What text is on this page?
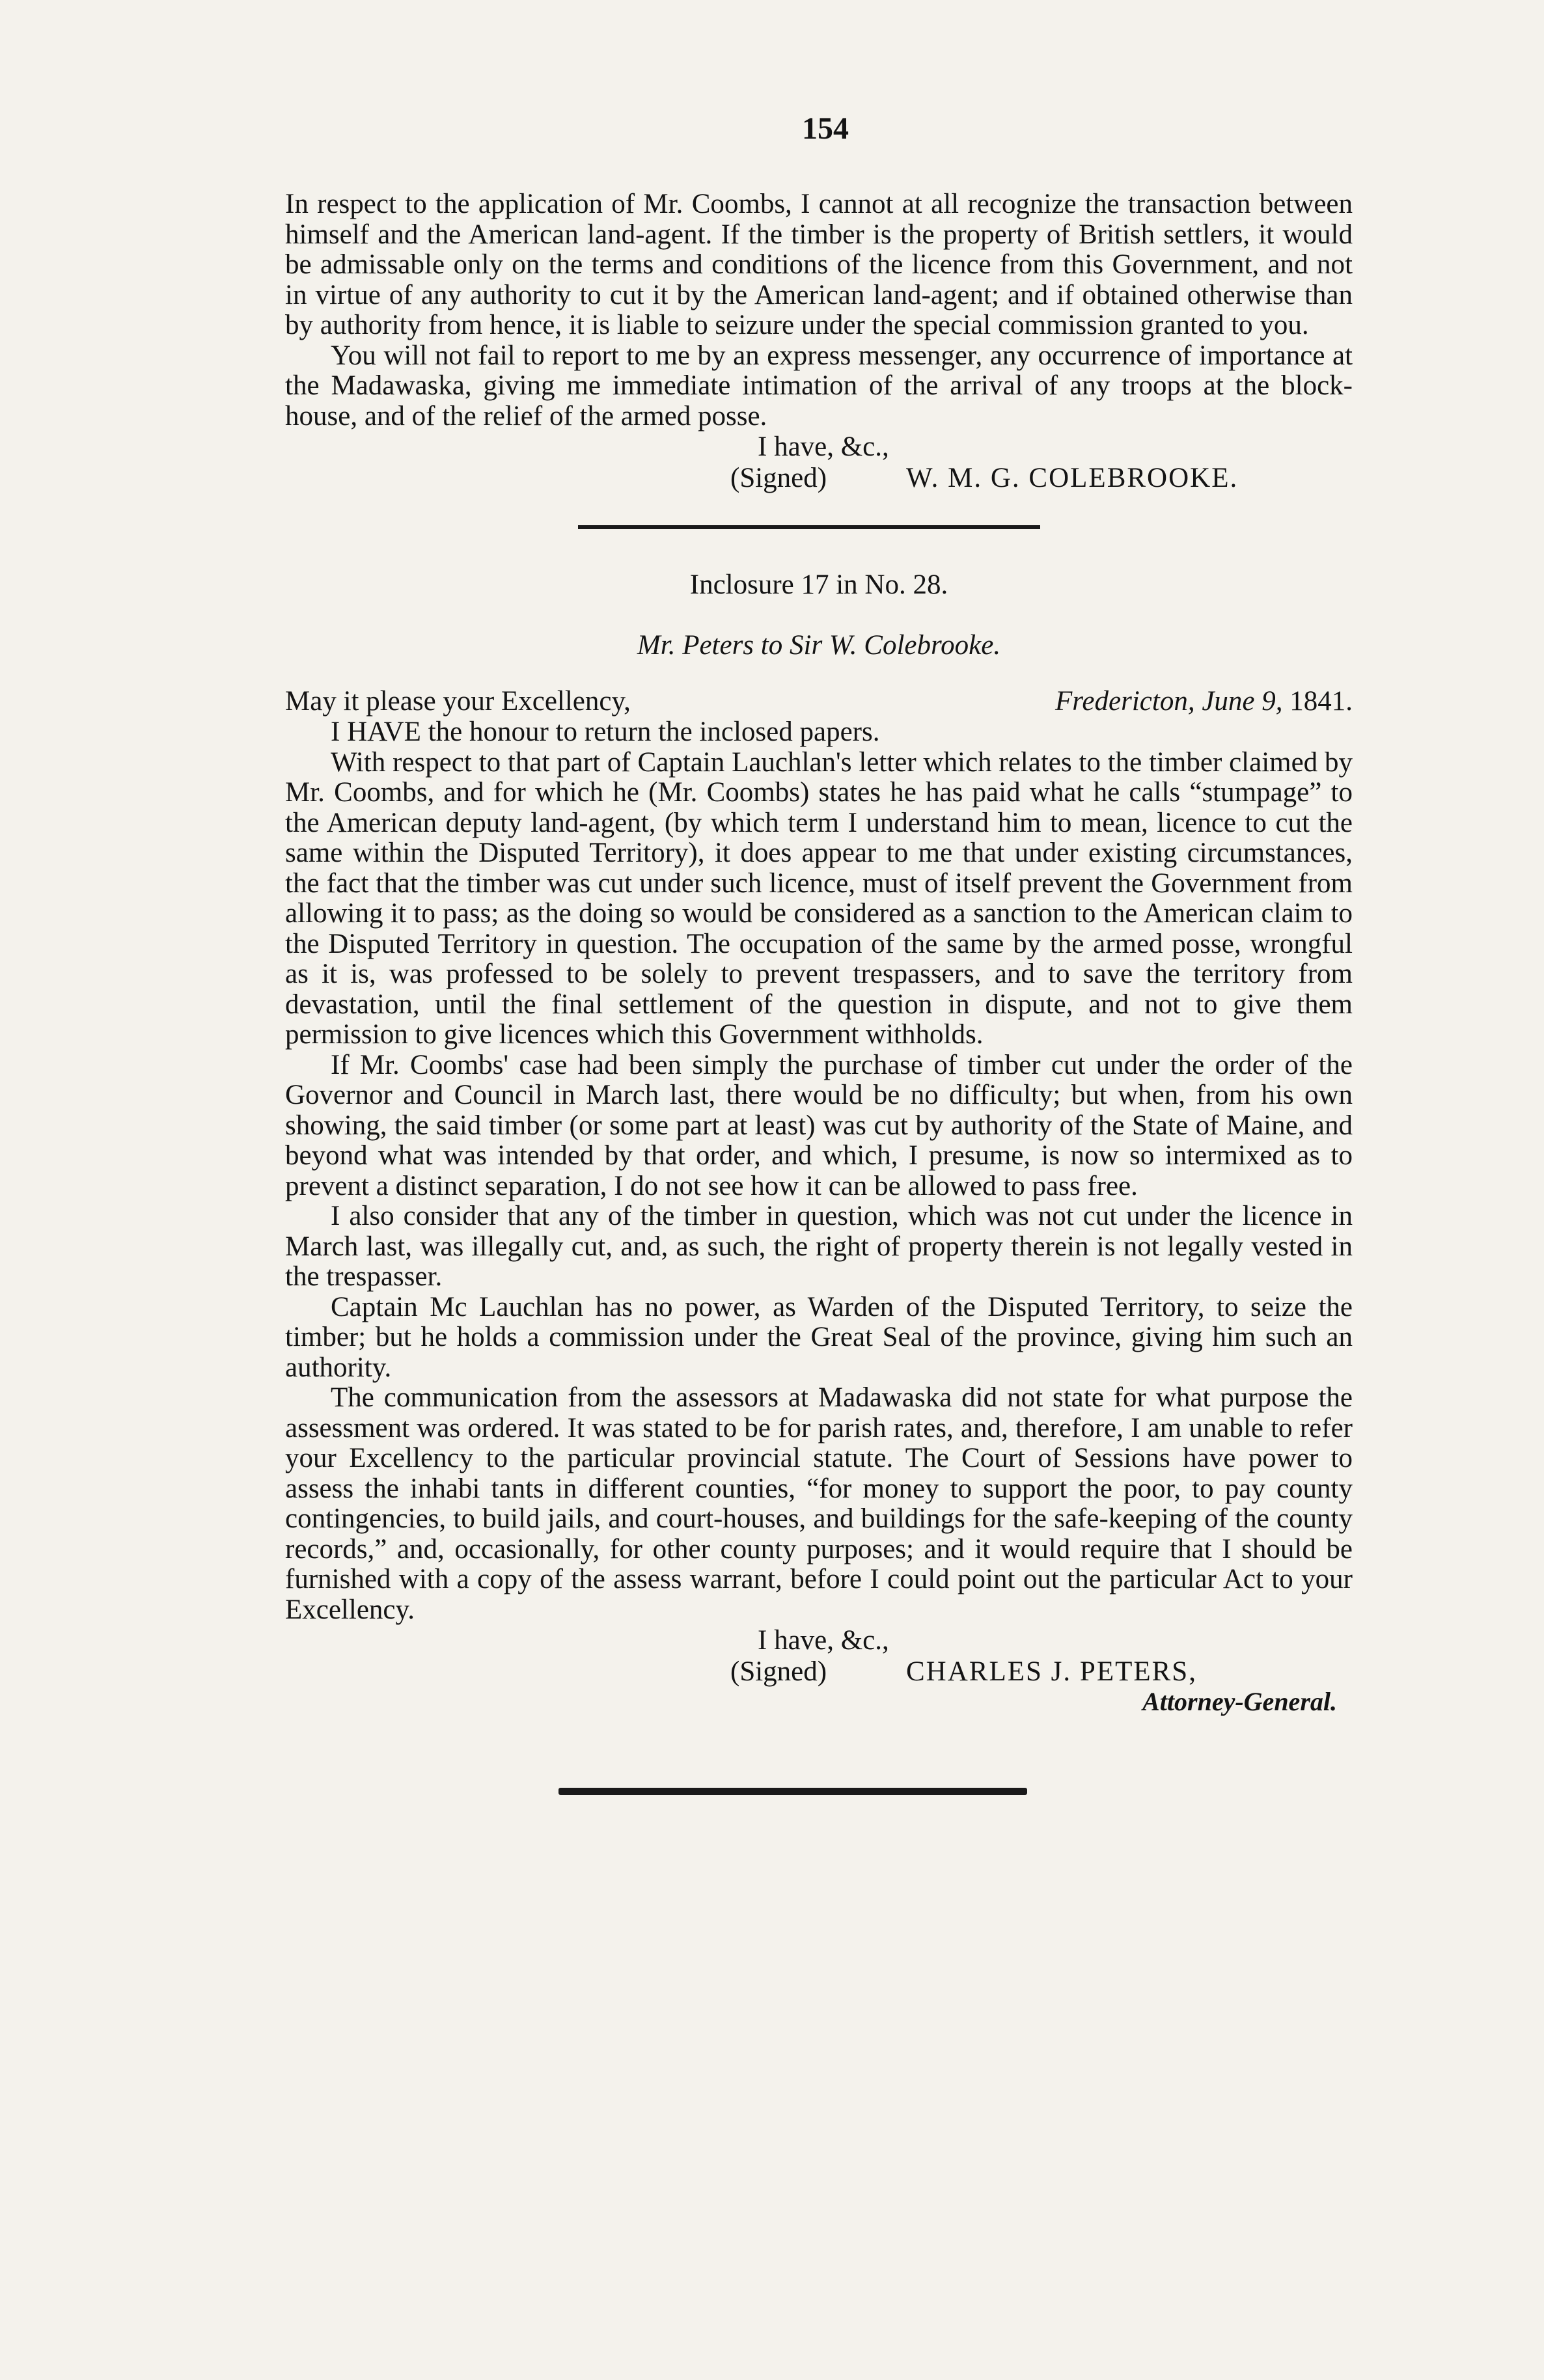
154

In respect to the application of Mr. Coombs, I cannot at all recognize the transaction between himself and the American land-agent. If the timber is the property of British settlers, it would be admissable only on the terms and conditions of the licence from this Government, and not in virtue of any authority to cut it by the American land-agent; and if obtained otherwise than by authority from hence, it is liable to seizure under the special commission granted to you.

You will not fail to report to me by an express messenger, any occurrence of importance at the Madawaska, giving me immediate intimation of the arrival of any troops at the block-house, and of the relief of the armed posse.

I have, &c.,
(Signed)	W. M. G. COLEBROOKE.
Inclosure 17 in No. 28.
Mr. Peters to Sir W. Colebrooke.
May it please your Excellency,	Fredericton, June 9, 1841.

I HAVE the honour to return the inclosed papers.

With respect to that part of Captain Lauchlan's letter which relates to the timber claimed by Mr. Coombs, and for which he (Mr. Coombs) states he has paid what he calls “stumpage” to the American deputy land-agent, (by which term I understand him to mean, licence to cut the same within the Disputed Territory), it does appear to me that under existing circumstances, the fact that the timber was cut under such licence, must of itself prevent the Government from allowing it to pass; as the doing so would be considered as a sanction to the American claim to the Disputed Territory in question. The occupation of the same by the armed posse, wrongful as it is, was professed to be solely to prevent trespassers, and to save the territory from devastation, until the final settlement of the question in dispute, and not to give them permission to give licences which this Government withholds.

If Mr. Coombs' case had been simply the purchase of timber cut under the order of the Governor and Council in March last, there would be no difficulty; but when, from his own showing, the said timber (or some part at least) was cut by authority of the State of Maine, and beyond what was intended by that order, and which, I presume, is now so intermixed as to prevent a distinct separation, I do not see how it can be allowed to pass free.

I also consider that any of the timber in question, which was not cut under the licence in March last, was illegally cut, and, as such, the right of property therein is not legally vested in the trespasser.

Captain Mc Lauchlan has no power, as Warden of the Disputed Territory, to seize the timber; but he holds a commission under the Great Seal of the province, giving him such an authority.

The communication from the assessors at Madawaska did not state for what purpose the assessment was ordered. It was stated to be for parish rates, and, therefore, I am unable to refer your Excellency to the particular provincial statute. The Court of Sessions have power to assess the inhabi tants in different counties, “for money to support the poor, to pay county contingencies, to build jails, and court-houses, and buildings for the safe-keeping of the county records,” and, occasionally, for other county purposes; and it would require that I should be furnished with a copy of the assess warrant, before I could point out the particular Act to your Excellency.

I have, &c.,
(Signed)	CHARLES J. PETERS,
Attorney-General.
